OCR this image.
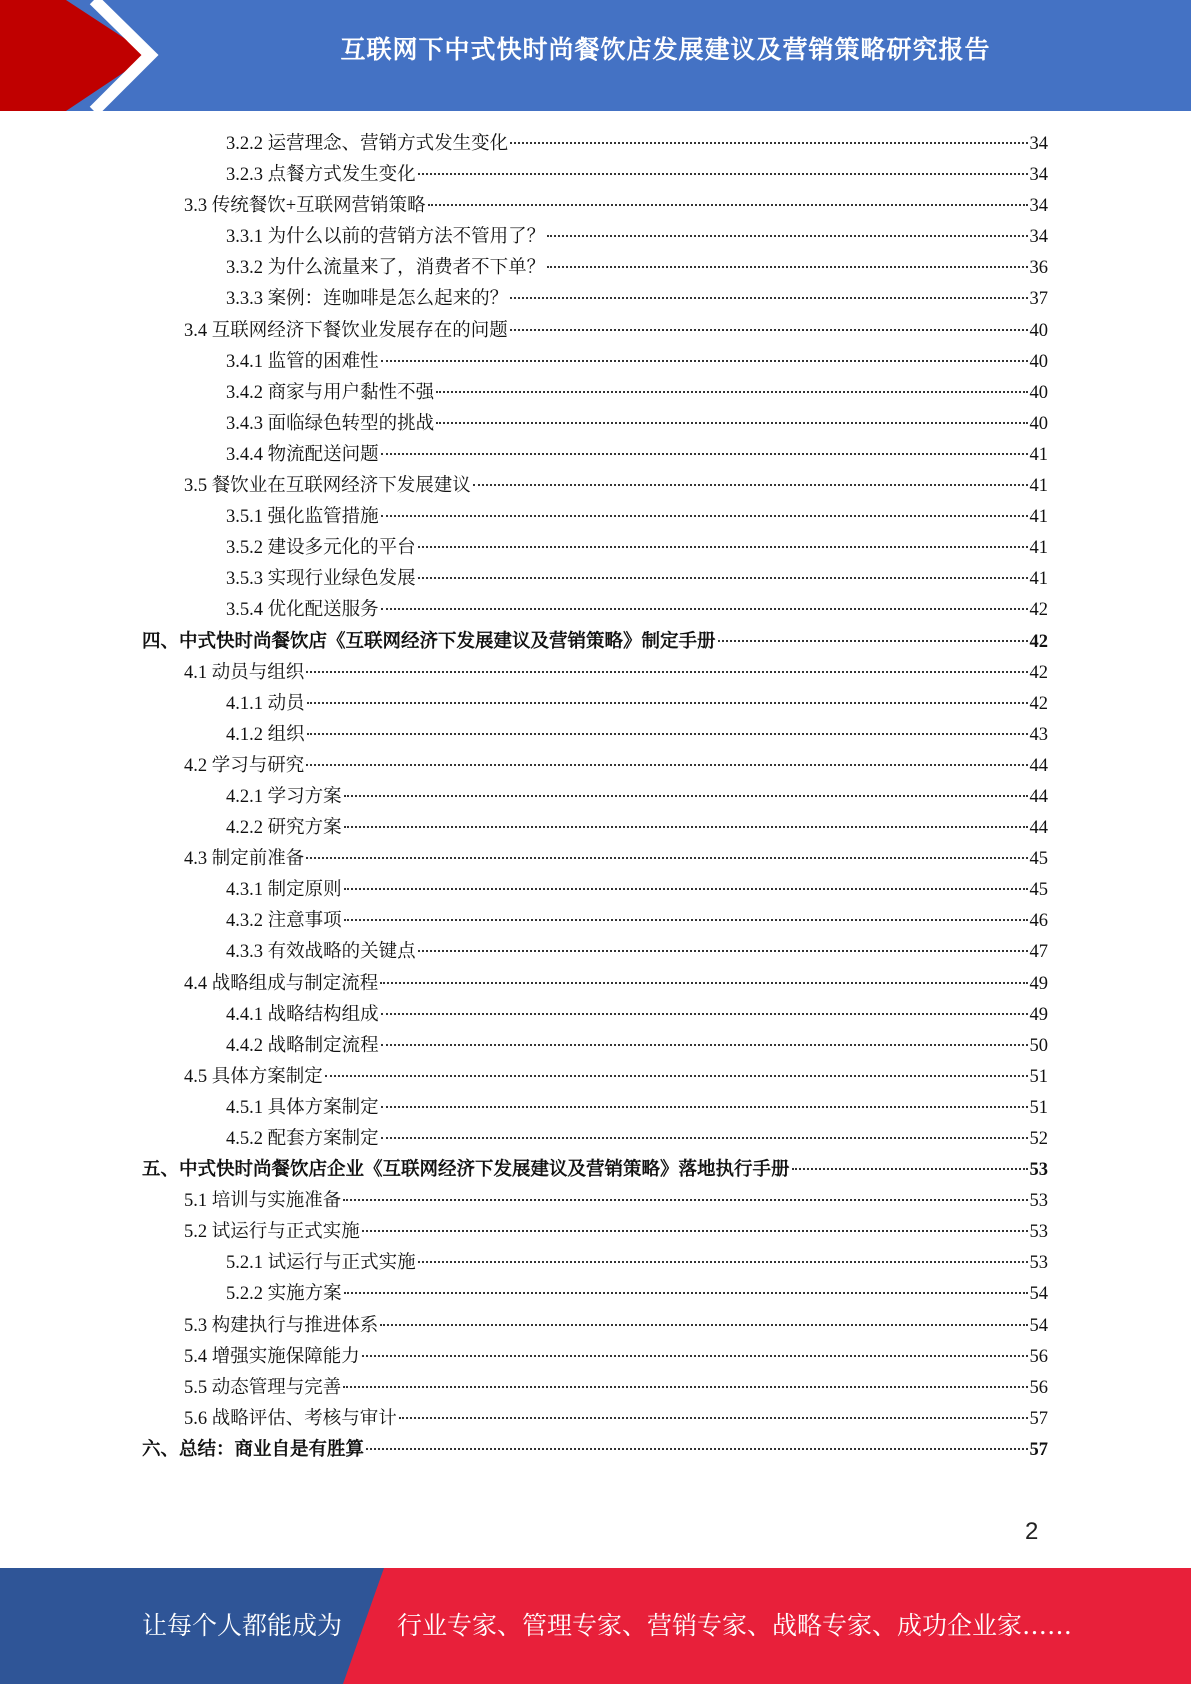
互联网下中式快时尚餐饮店发展建议及营销策略研究报告
3.2.2 运营理念、营销方式发生变化	34
3.2.3 点餐方式发生变化	34
3.3 传统餐饮+互联网营销策略	34
3.3.1 为什么以前的营销方法不管用了？	34
3.3.2 为什么流量来了，消费者不下单？	36
3.3.3 案例：连咖啡是怎么起来的？	37
3.4 互联网经济下餐饮业发展存在的问题	40
3.4.1 监管的困难性	40
3.4.2 商家与用户黏性不强	40
3.4.3 面临绿色转型的挑战	40
3.4.4 物流配送问题	41
3.5 餐饮业在互联网经济下发展建议	41
3.5.1 强化监管措施	41
3.5.2 建设多元化的平台	41
3.5.3 实现行业绿色发展	41
3.5.4 优化配送服务	42
四、中式快时尚餐饮店《互联网经济下发展建议及营销策略》制定手册	42
4.1 动员与组织	42
4.1.1 动员	42
4.1.2 组织	43
4.2 学习与研究	44
4.2.1 学习方案	44
4.2.2 研究方案	44
4.3 制定前准备	45
4.3.1 制定原则	45
4.3.2 注意事项	46
4.3.3 有效战略的关键点	47
4.4 战略组成与制定流程	49
4.4.1 战略结构组成	49
4.4.2 战略制定流程	50
4.5 具体方案制定	51
4.5.1 具体方案制定	51
4.5.2 配套方案制定	52
五、中式快时尚餐饮店企业《互联网经济下发展建议及营销策略》落地执行手册	53
5.1 培训与实施准备	53
5.2 试运行与正式实施	53
5.2.1 试运行与正式实施	53
5.2.2 实施方案	54
5.3 构建执行与推进体系	54
5.4 增强实施保障能力	56
5.5 动态管理与完善	56
5.6 战略评估、考核与审计	57
六、总结：商业自是有胜算	57
2
让每个人都能成为 行业专家、管理专家、营销专家、战略专家、成功企业家……
